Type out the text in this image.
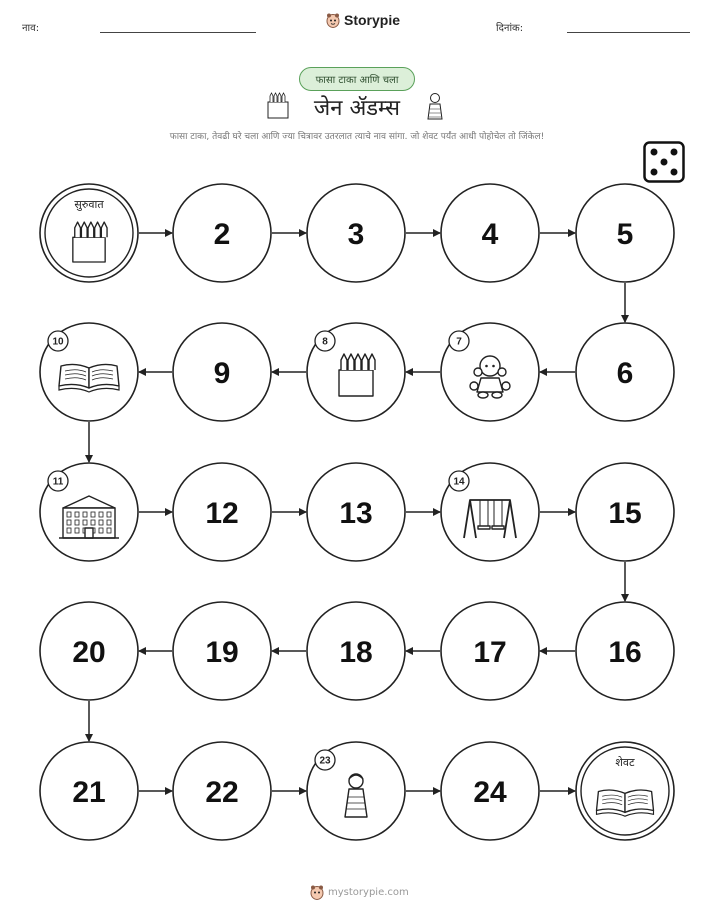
नाव:
Storypie
दिनांक:
फासा टाका आणि चला
जेन ॲडम्स
फासा टाका, तेवढी घरे चला आणि ज्या चित्रावर उतरलात त्याचे नाव सांगा. जो शेवट पर्यंत आधी पोहोचेल तो जिंकेल!
सुरुवात
2	3	4	5
6
7
8
9
10
11
12	13
14
15
16
17
18
19
20
21	22
23
24
शेवट
mystorypie.com
